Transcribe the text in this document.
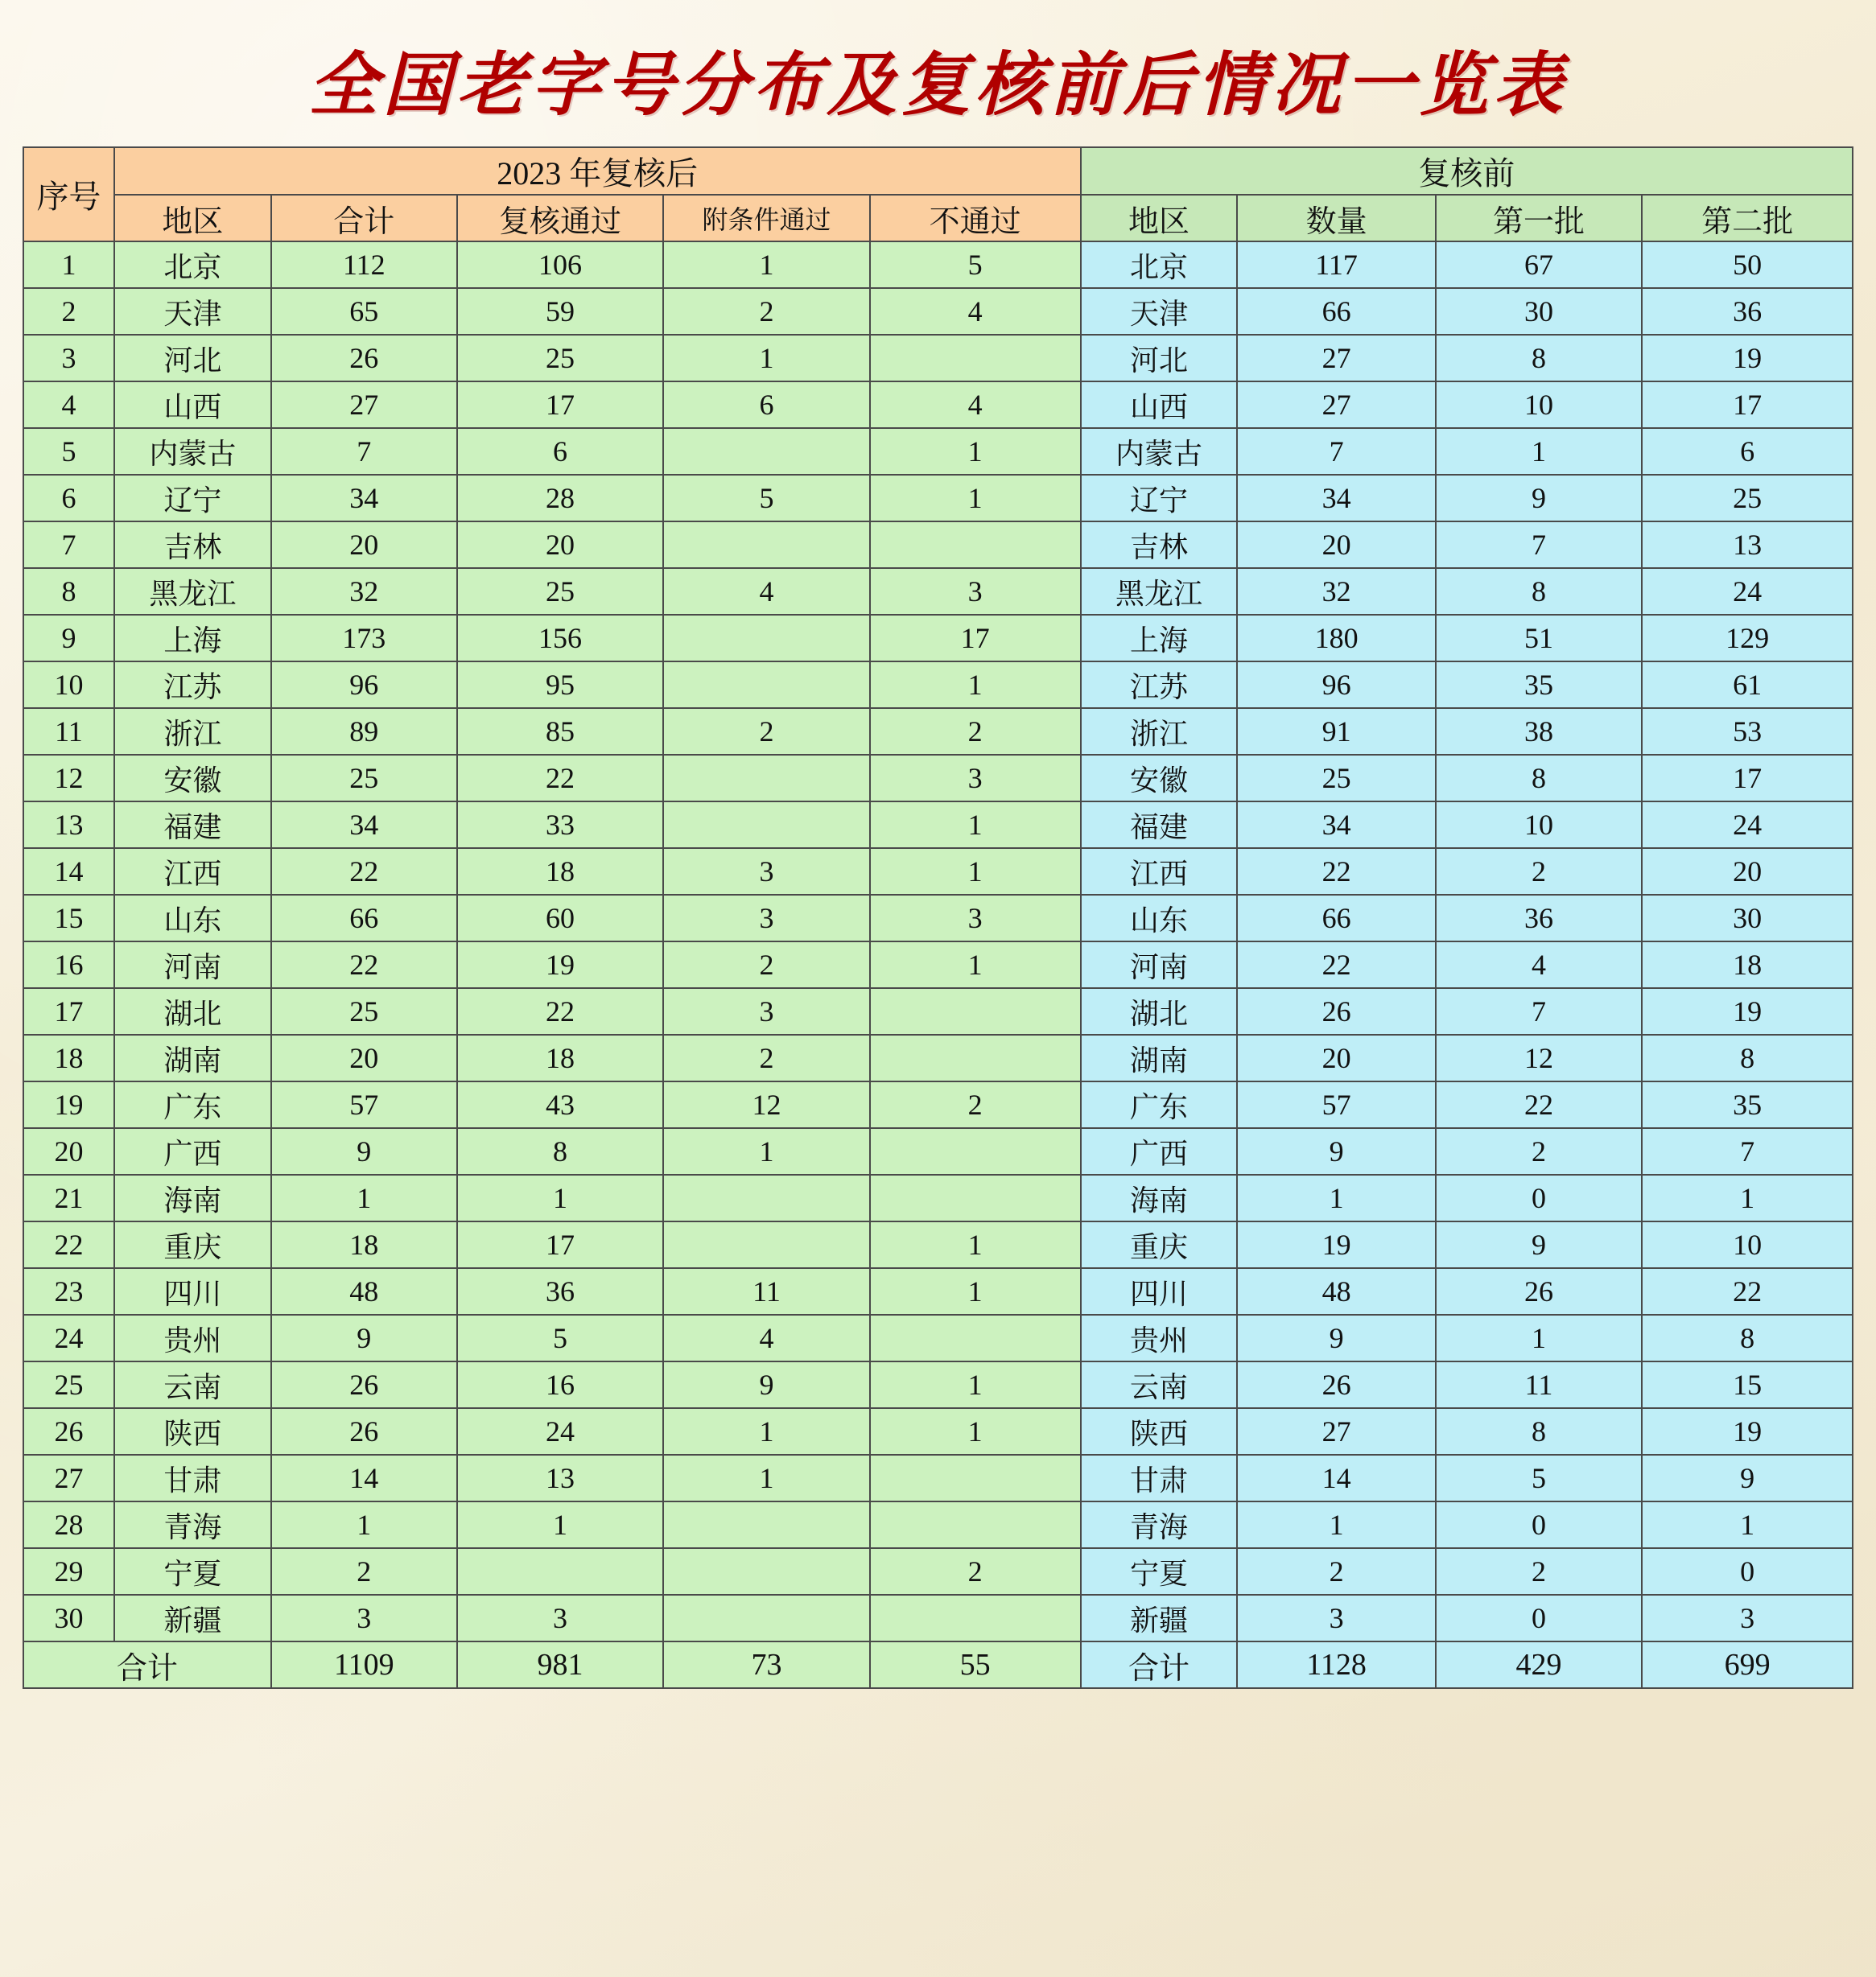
全国老字号分布及复核前后情况一览表
序号	2023 年复核后					复核前			
	地区	合计	复核通过	附条件通过	不通过	地区	数量	第一批	第二批
1	北京	112	106	1	5	北京	117	67	50
2	天津	65	59	2	4	天津	66	30	36
3	河北	26	25	1		河北	27	8	19
4	山西	27	17	6	4	山西	27	10	17
5	内蒙古	7	6		1	内蒙古	7	1	6
6	辽宁	34	28	5	1	辽宁	34	9	25
7	吉林	20	20			吉林	20	7	13
8	黑龙江	32	25	4	3	黑龙江	32	8	24
9	上海	173	156		17	上海	180	51	129
10	江苏	96	95		1	江苏	96	35	61
11	浙江	89	85	2	2	浙江	91	38	53
12	安徽	25	22		3	安徽	25	8	17
13	福建	34	33		1	福建	34	10	24
14	江西	22	18	3	1	江西	22	2	20
15	山东	66	60	3	3	山东	66	36	30
16	河南	22	19	2	1	河南	22	4	18
17	湖北	25	22	3		湖北	26	7	19
18	湖南	20	18	2		湖南	20	12	8
19	广东	57	43	12	2	广东	57	22	35
20	广西	9	8	1		广西	9	2	7
21	海南	1	1			海南	1	0	1
22	重庆	18	17		1	重庆	19	9	10
23	四川	48	36	11	1	四川	48	26	22
24	贵州	9	5	4		贵州	9	1	8
25	云南	26	16	9	1	云南	26	11	15
26	陕西	26	24	1	1	陕西	27	8	19
27	甘肃	14	13	1		甘肃	14	5	9
28	青海	1	1			青海	1	0	1
29	宁夏	2			2	宁夏	2	2	0
30	新疆	3	3			新疆	3	0	3
合计		1109	981	73	55	合计	1128	429	699
